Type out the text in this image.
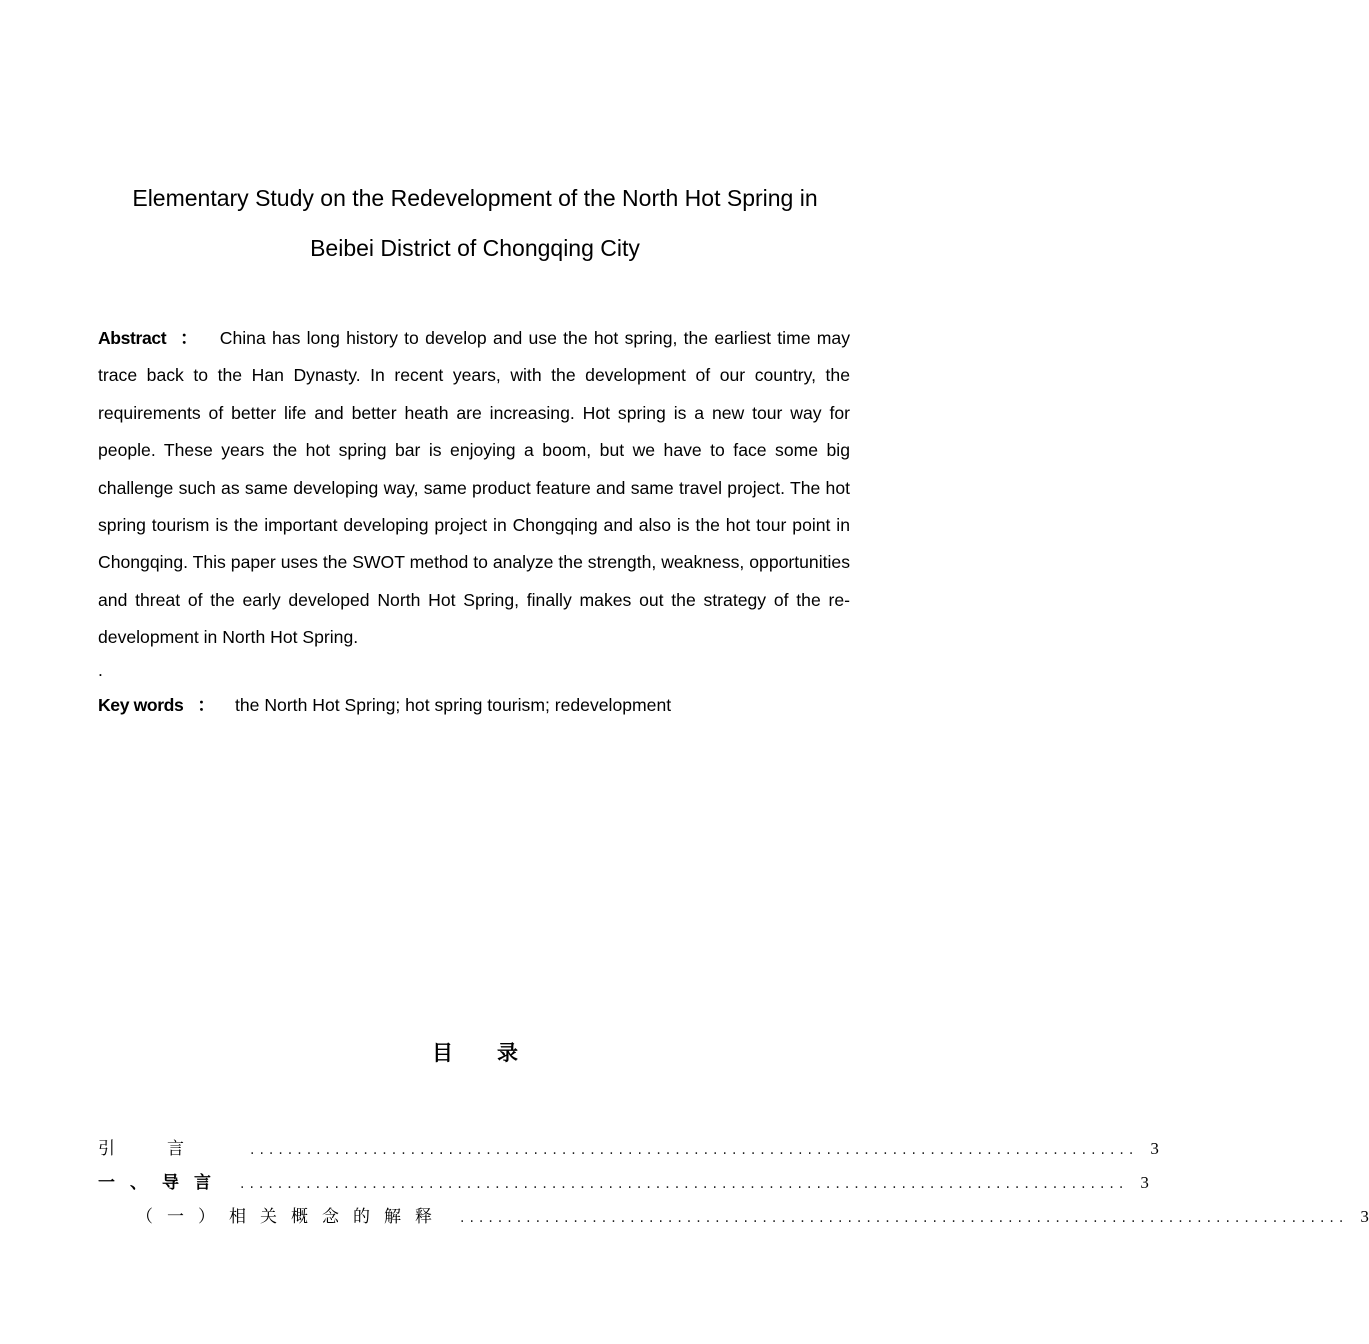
Elementary Study on the Redevelopment of the North Hot Spring in
Beibei District of Chongqing City

Abstract ： China has long history to develop and use the hot spring, the earliest time may trace back to the Han Dynasty. In recent years, with the development of our country, the requirements of better life and better heath are increasing. Hot spring is a new tour way for people. These years the hot spring bar is enjoying a boom, but we have to face some big challenge such as same developing way, same product feature and same travel project. The hot spring tourism is the important developing project in Chongqing and also is the hot tour point in Chongqing. This paper uses the SWOT method to analyze the strength, weakness, opportunities and threat of the early developed North Hot Spring, finally makes out the strategy of the re-development in North Hot Spring.

.
Key words ： the North Hot Spring; hot spring tourism; redevelopment
目录
引言 .............................................................................................. 3
一、导言 .............................................................................................. 3
（一）相关概念的解释 .............................................................................................. 3
